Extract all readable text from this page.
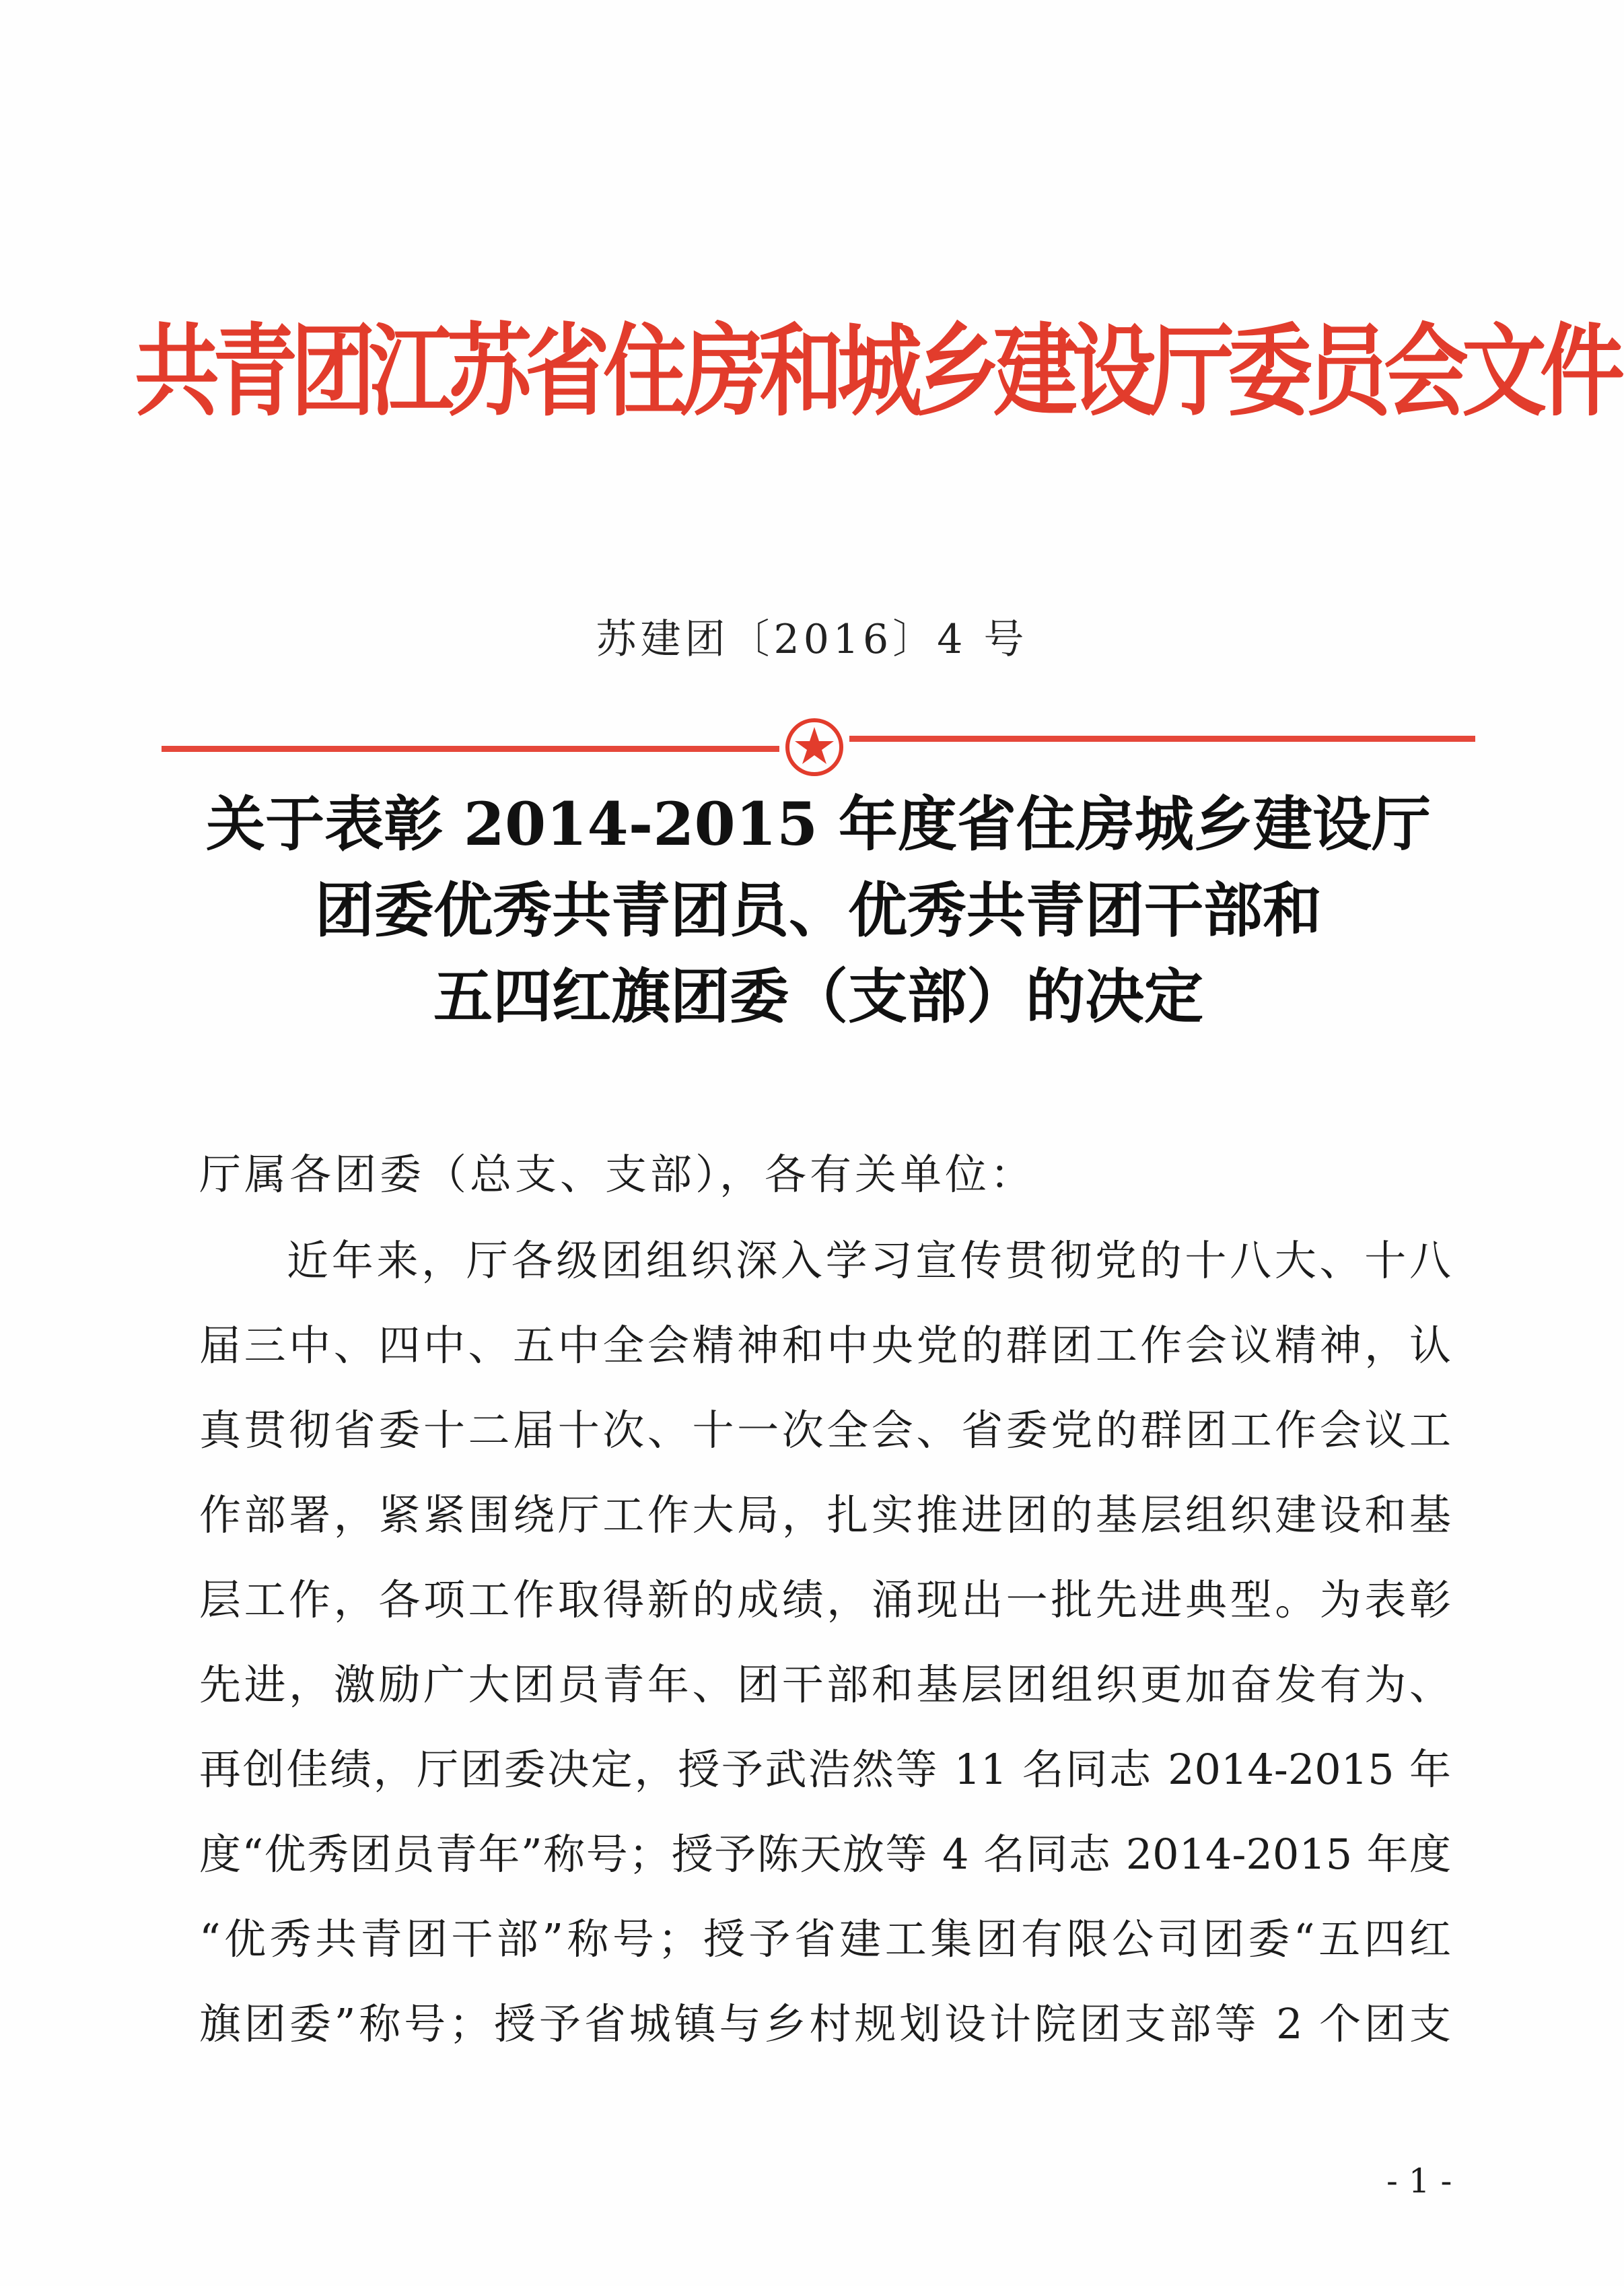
共青团江苏省住房和城乡建设厅委员会文件
苏建团〔2016〕4 号
关于表彰 2014-2015 年度省住房城乡建设厅
团委优秀共青团员、优秀共青团干部和
五四红旗团委（支部）的决定
厅属各团委（总支、支部），各有关单位：
近年来，厅各级团组织深入学习宣传贯彻党的十八大、十八
届三中、四中、五中全会精神和中央党的群团工作会议精神，认
真贯彻省委十二届十次、十一次全会、省委党的群团工作会议工
作部署，紧紧围绕厅工作大局，扎实推进团的基层组织建设和基
层工作，各项工作取得新的成绩，涌现出一批先进典型。为表彰
先进，激励广大团员青年、团干部和基层团组织更加奋发有为、
再创佳绩，厅团委决定，授予武浩然等 11 名同志 2014-2015 年
度“优秀团员青年”称号；授予陈天放等 4 名同志 2014-2015 年度
“优秀共青团干部”称号；授予省建工集团有限公司团委“五四红
旗团委”称号；授予省城镇与乡村规划设计院团支部等 2 个团支
- 1 -
